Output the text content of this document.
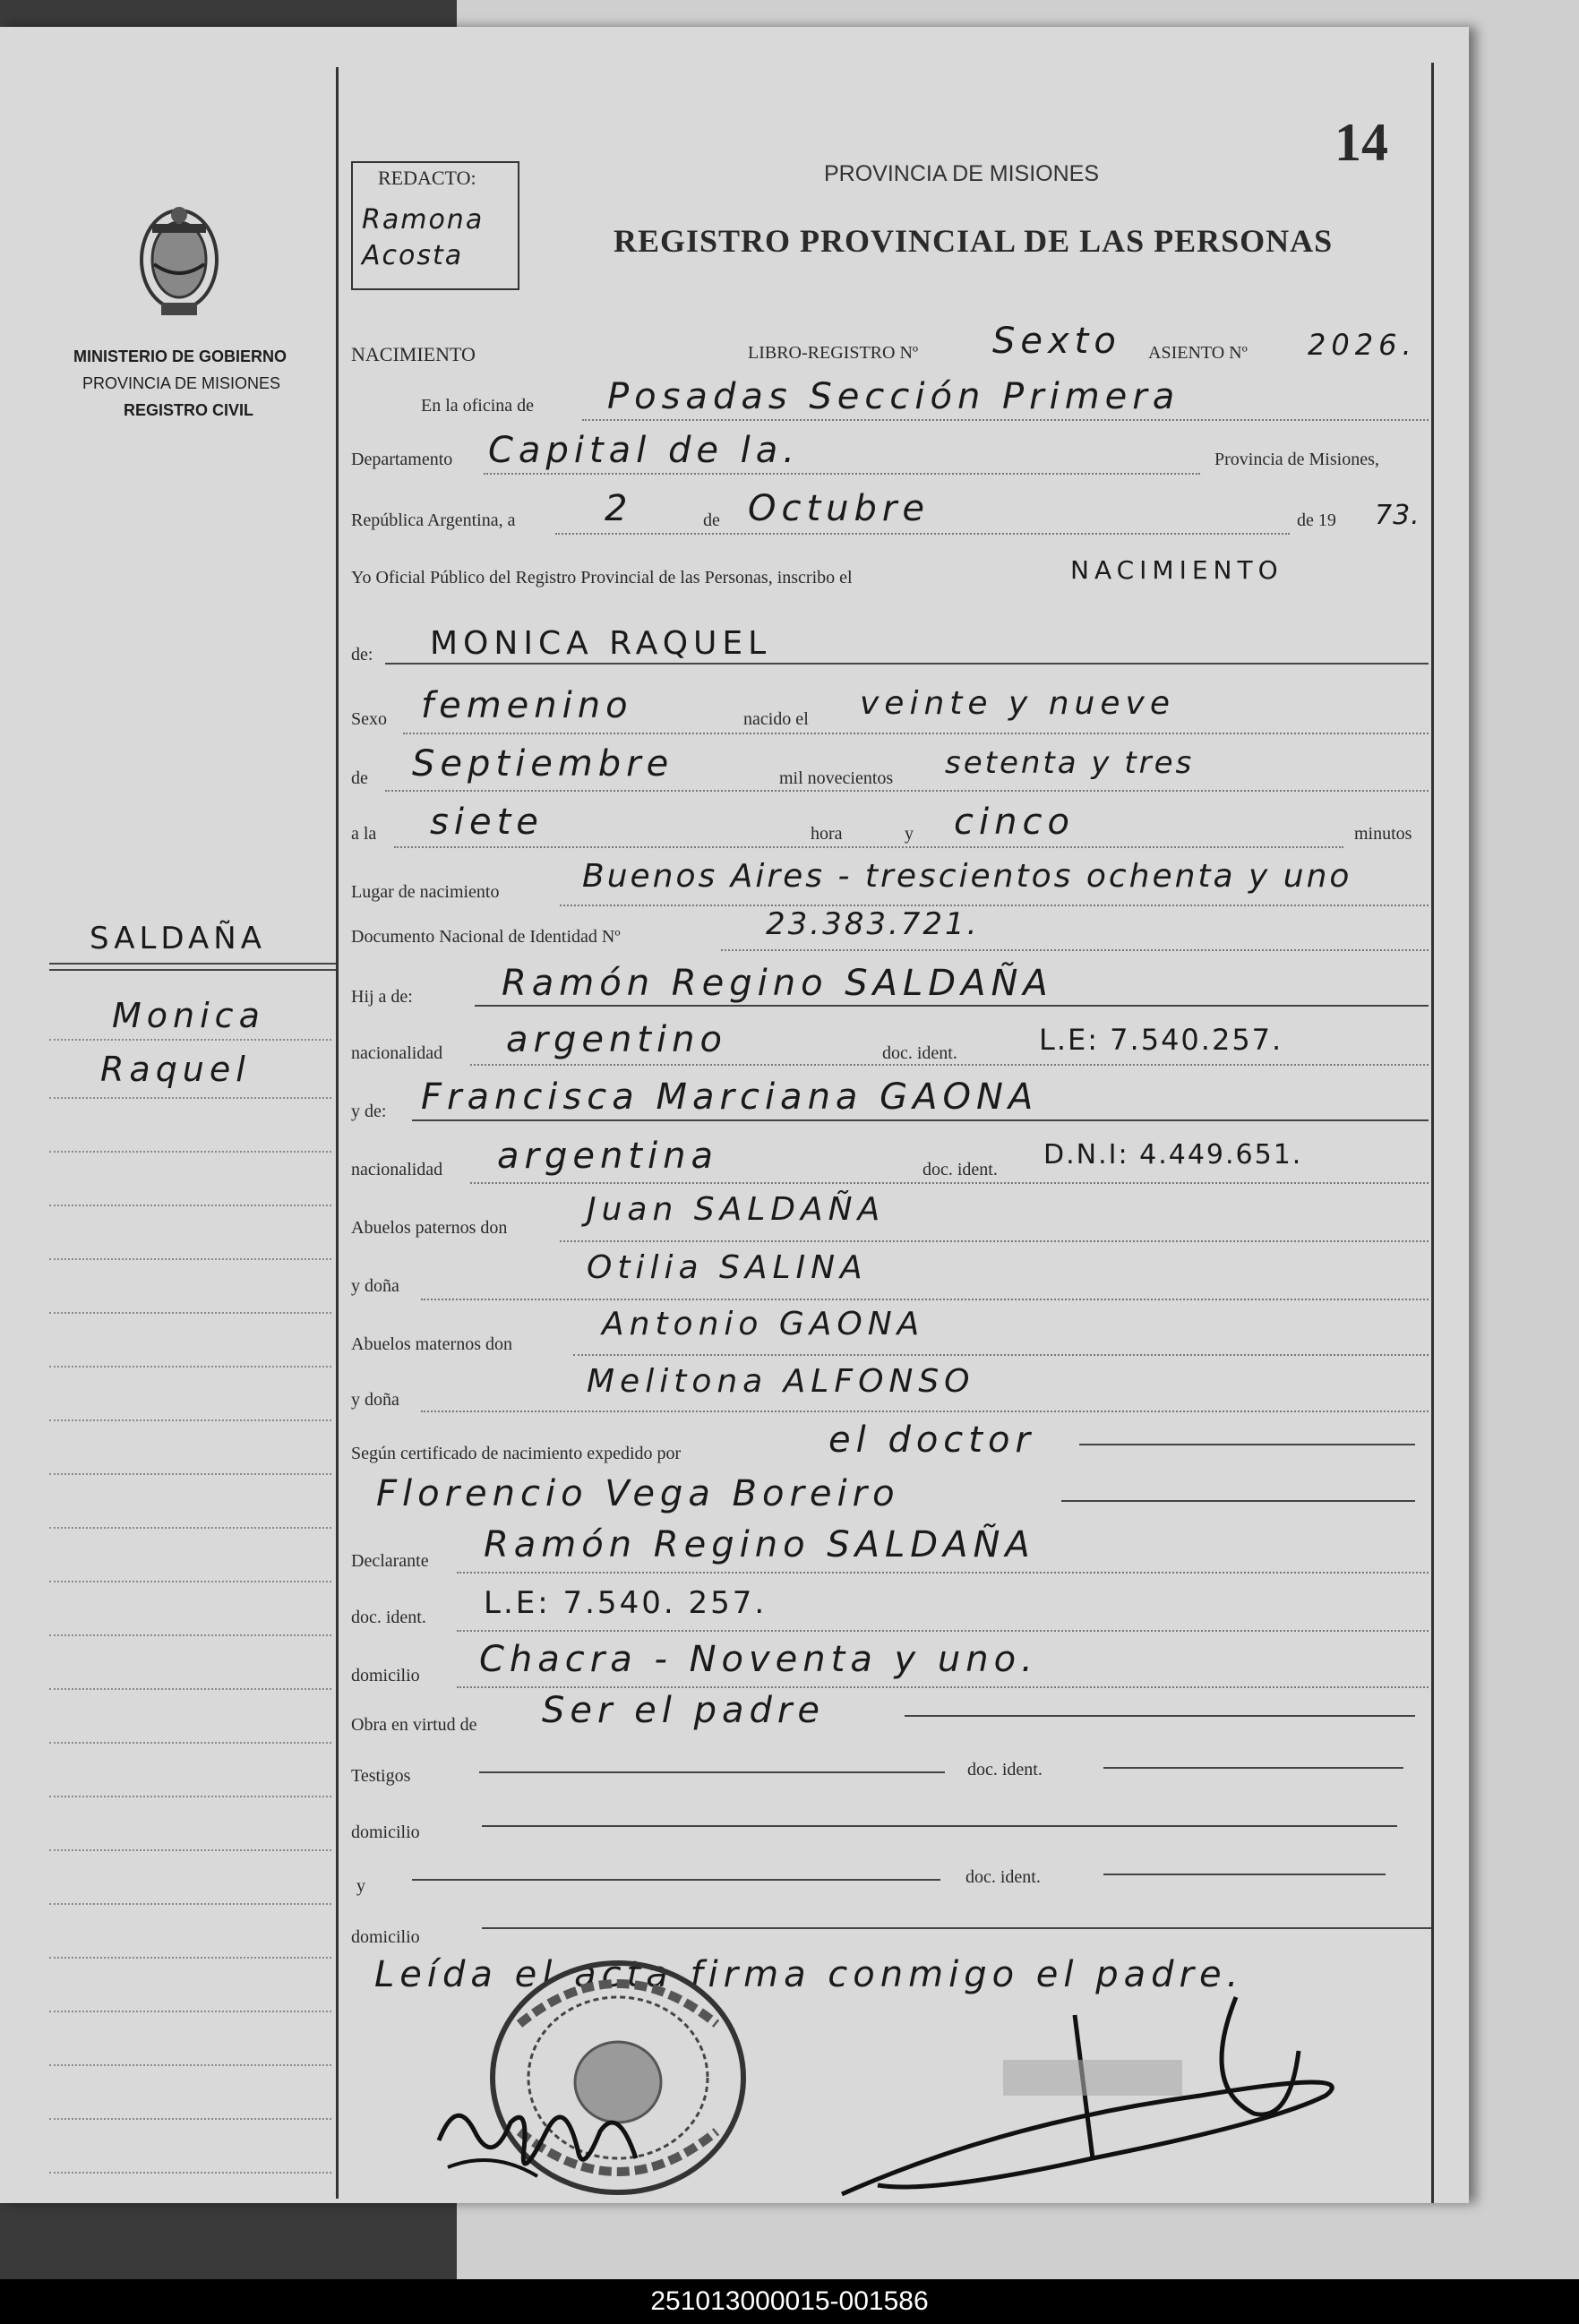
REDACTO:
Ramona Acosta
PROVINCIA DE MISIONES
REGISTRO PROVINCIAL DE LAS PERSONAS
14
MINISTERIO DE GOBIERNO
PROVINCIA DE MISIONES
REGISTRO CIVIL
SALDAÑA
Monica
Raquel
NACIMIENTO	LIBRO-REGISTRO Nº Sexto ASIENTO Nº 2026.
En la oficina de Posadas Sección Primera
Departamento Capital de la.	Provincia de Misiones,
República Argentina, a 2	de Octubre	de 19 73.
Yo Oficial Público del Registro Provincial de las Personas, inscribo el	NACIMIENTO
de: MONICA RAQUEL
Sexo femenino	nacido el veinte y nueve
de Septiembre	mil novecientos setenta y tres
a la siete	hora	y cinco	minutos
Lugar de nacimiento	Buenos Aires - trescientos ochenta y uno
Documento Nacional de Identidad Nº	23.383.721.
Hij a de: Ramón Regino SALDAÑA
nacionalidad argentino	doc. ident.	L.E: 7.540.257.
y de: Francisca Marciana GAONA
nacionalidad argentina	doc. ident. D.N.I: 4.449.651.
Abuelos paternos don Juan SALDAÑA
y doña	Otilia SALINA
Abuelos maternos don
Antonio GAONA
y doña	Melitona ALFONSO
Según certificado de nacimiento expedido por	el doctor
Florencio Vega Boreiro
Declarante Ramón Regino SALDAÑA
doc. ident. L.E: 7.540. 257.
domicilio Chacra - Noventa y uno.
Obra en virtud de Ser el padre
Testigos	doc. ident.
domicilio
y	doc. ident.
domicilio
Leída el acta firma conmigo el padre.
251013000015-001586
